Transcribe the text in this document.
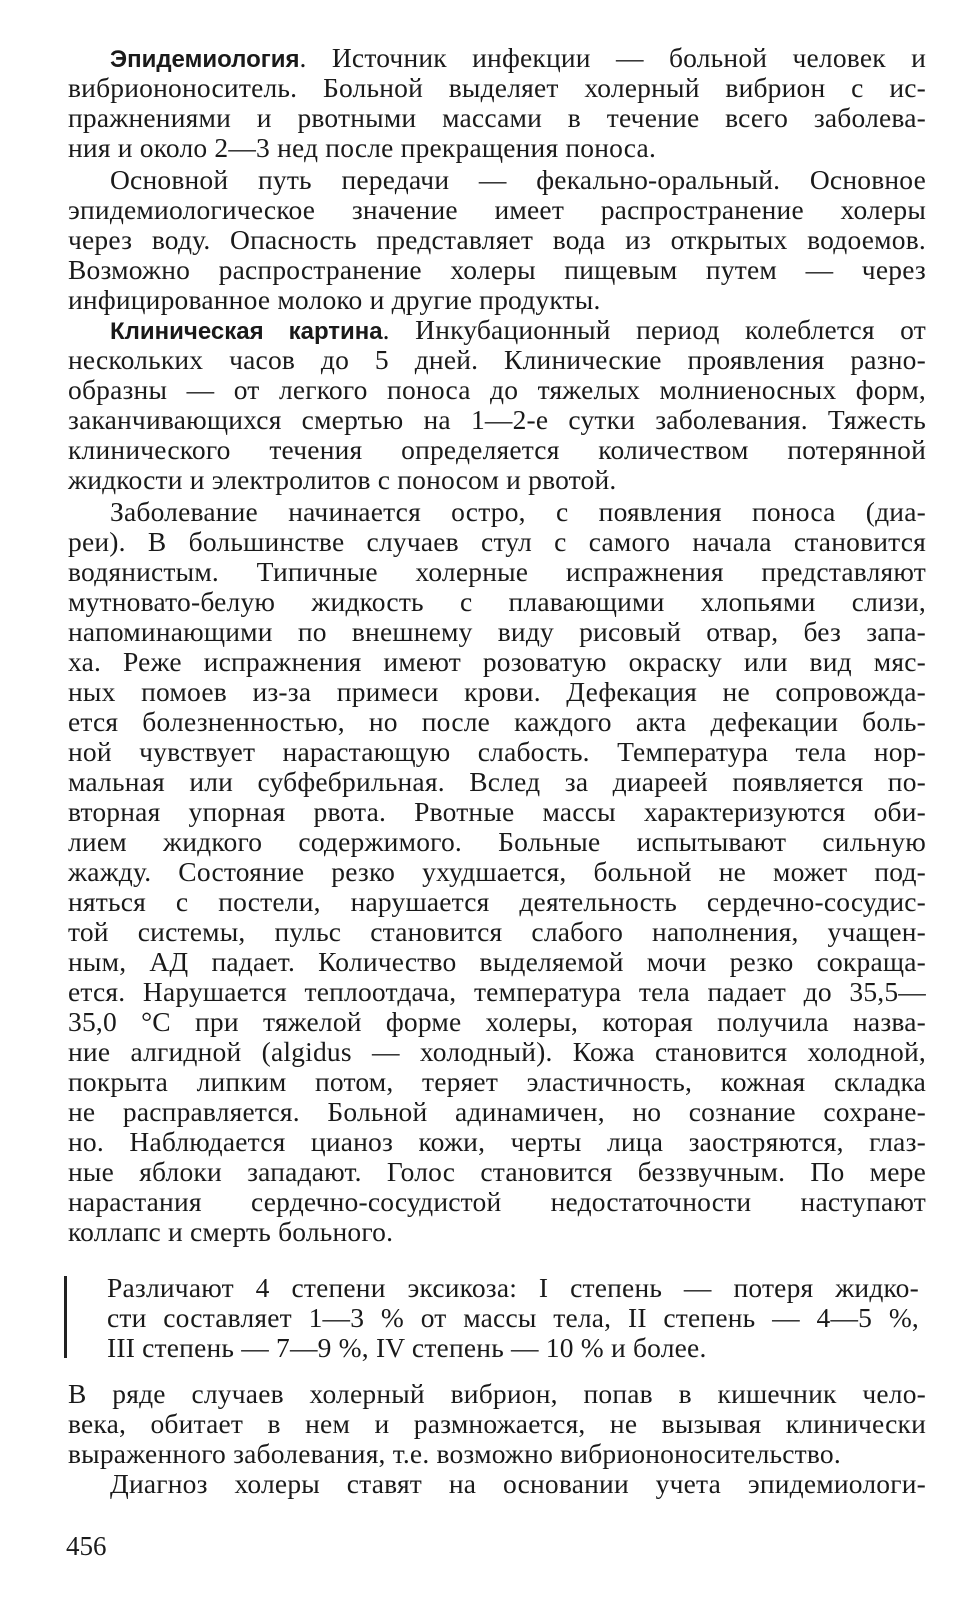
Эпидемиология. Источник инфекции — больной человек и
вибриононоситель. Больной выделяет холерный вибрион с ис-
пражнениями и рвотными массами в течение всего заболева-
ния и около 2—3 нед после прекращения поноса.
Основной путь передачи — фекально-оральный. Основное
эпидемиологическое значение имеет распространение холеры
через воду. Опасность представляет вода из открытых водоемов.
Возможно распространение холеры пищевым путем — через
инфицированное молоко и другие продукты.
Клиническая картина. Инкубационный период колеблется от
нескольких часов до 5 дней. Клинические проявления разно-
образны — от легкого поноса до тяжелых молниеносных форм,
заканчивающихся смертью на 1—2-е сутки заболевания. Тяжесть
клинического течения определяется количеством потерянной
жидкости и электролитов с поносом и рвотой.
Заболевание начинается остро, с появления поноса (диа-
реи). В большинстве случаев стул с самого начала становится
водянистым. Типичные холерные испражнения представляют
мутновато-белую жидкость с плавающими хлопьями слизи,
напоминающими по внешнему виду рисовый отвар, без запа-
ха. Реже испражнения имеют розоватую окраску или вид мяс-
ных помоев из-за примеси крови. Дефекация не сопровожда-
ется болезненностью, но после каждого акта дефекации боль-
ной чувствует нарастающую слабость. Температура тела нор-
мальная или субфебрильная. Вслед за диареей появляется по-
вторная упорная рвота. Рвотные массы характеризуются оби-
лием жидкого содержимого. Больные испытывают сильную
жажду. Состояние резко ухудшается, больной не может под-
няться с постели, нарушается деятельность сердечно-сосудис-
той системы, пульс становится слабого наполнения, учащен-
ным, АД падает. Количество выделяемой мочи резко сокраща-
ется. Нарушается теплоотдача, температура тела падает до 35,5—
35,0 °С при тяжелой форме холеры, которая получила назва-
ние алгидной (algidus — холодный). Кожа становится холодной,
покрыта липким потом, теряет эластичность, кожная складка
не расправляется. Больной адинамичен, но сознание сохране-
но. Наблюдается цианоз кожи, черты лица заостряются, глаз-
ные яблоки западают. Голос становится беззвучным. По мере
нарастания сердечно-сосудистой недостаточности наступают
коллапс и смерть больного.
Различают 4 степени эксикоза: I степень — потеря жидко-
сти составляет 1—3 % от массы тела, II степень — 4—5 %,
III степень — 7—9 %, IV степень — 10 % и более.
В ряде случаев холерный вибрион, попав в кишечник чело-
века, обитает в нем и размножается, не вызывая клинически
выраженного заболевания, т.е. возможно вибриононосительство.
Диагноз холеры ставят на основании учета эпидемиологи-
456
